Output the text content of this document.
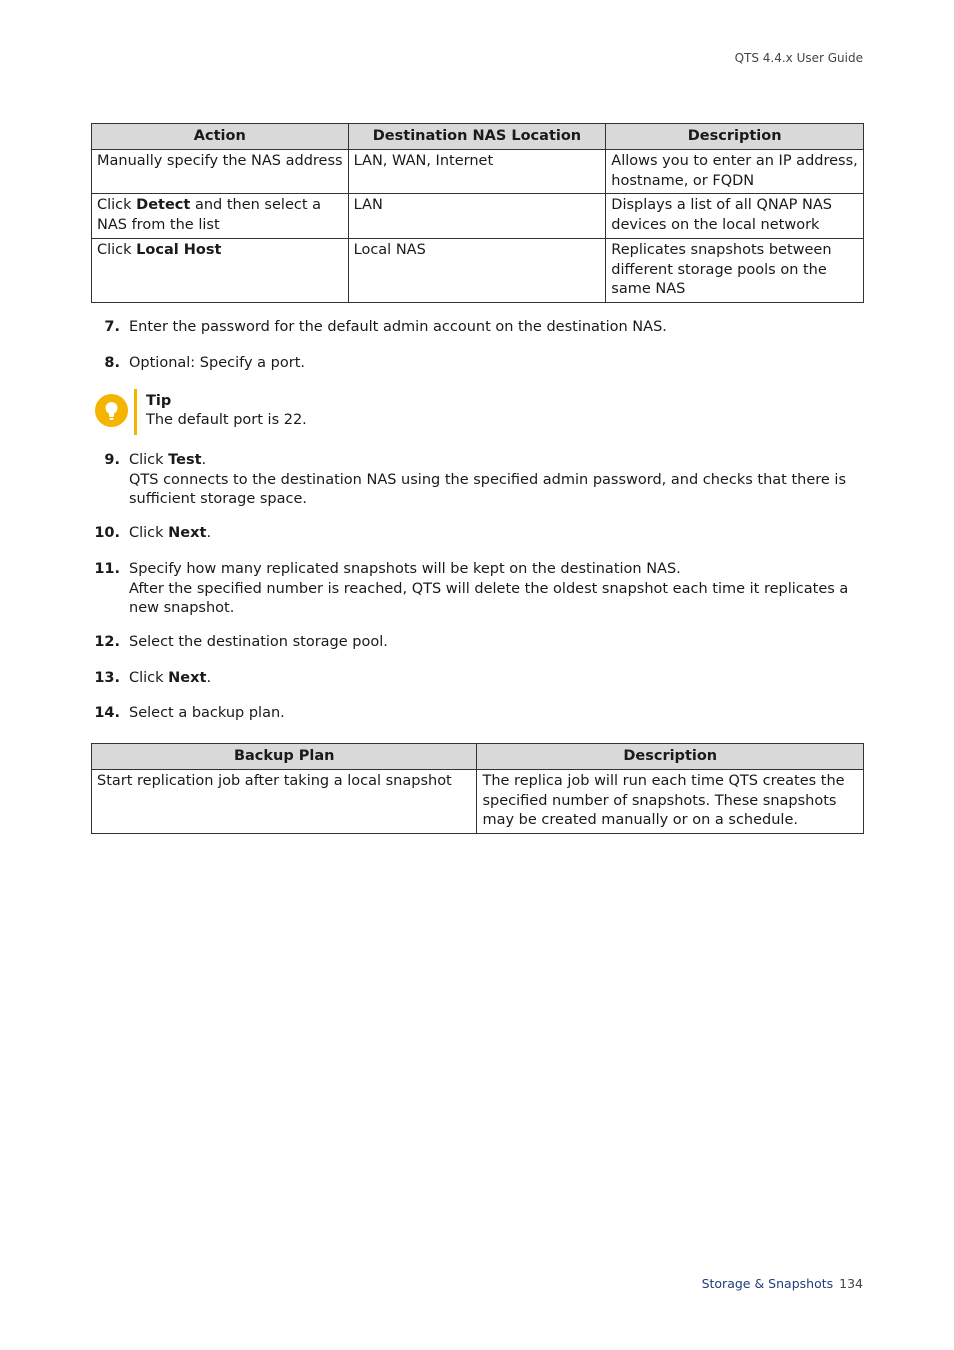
QTS 4.4.x User Guide
Action	Destination NAS Location	Description
Manually specify the NAS address	LAN, WAN, Internet	Allows you to enter an IP address, hostname, or FQDN
Click Detect and then select a NAS from the list	LAN	Displays a list of all QNAP NAS devices on the local network
Click Local Host	Local NAS	Replicates snapshots between different storage pools on the same NAS
7. Enter the password for the default admin account on the destination NAS.
8. Optional: Specify a port.
Tip
The default port is 22.
9. Click Test.
QTS connects to the destination NAS using the specified admin password, and checks that there is sufficient storage space.
10. Click Next.
11. Specify how many replicated snapshots will be kept on the destination NAS.
After the specified number is reached, QTS will delete the oldest snapshot each time it replicates a new snapshot.
12. Select the destination storage pool.
13. Click Next.
14. Select a backup plan.
Backup Plan	Description
Start replication job after taking a local snapshot	The replica job will run each time QTS creates the specified number of snapshots. These snapshots may be created manually or on a schedule.
Storage & Snapshots 134
